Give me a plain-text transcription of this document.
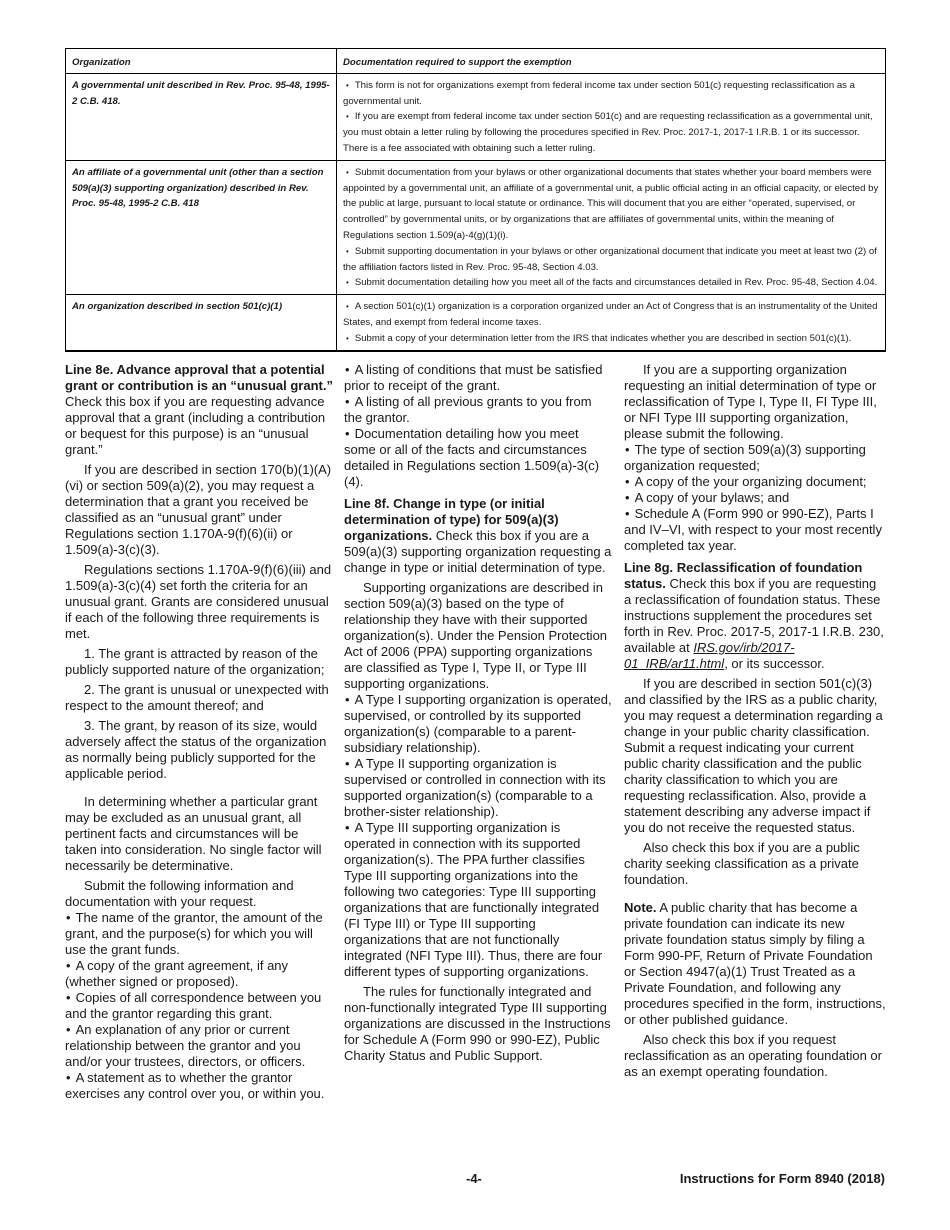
Organization	Documentation required to support the exemption
A governmental unit described in Rev. Proc. 95-48, 1995-2 C.B. 418.	• This form is not for organizations exempt from federal income tax under section 501(c) requesting reclassification as a governmental unit.

• If you are exempt from federal income tax under section 501(c) and are requesting reclassification as a governmental unit, you must obtain a letter ruling by following the procedures specified in Rev. Proc. 2017-1, 2017-1 I.R.B. 1 or its successor. There is a fee associated with obtaining such a letter ruling.

An affiliate of a governmental unit (other than a section 509(a)(3) supporting organization) described in Rev. Proc. 95-48, 1995-2 C.B. 418	• Submit documentation from your bylaws or other organizational documents that states whether your board members were appointed by a governmental unit, an affiliate of a governmental unit, a public official acting in an official capacity, or elected by the public at large, pursuant to local statute or ordinance. This will document that you are either “operated, supervised, or controlled” by governmental units, or by organizations that are affiliates of governmental units, within the meaning of Regulations section 1.509(a)-4(g)(1)(i).

• Submit supporting documentation in your bylaws or other organizational document that indicate you meet at least two (2) of the affiliation factors listed in Rev. Proc. 95-48, Section 4.03.

• Submit documentation detailing how you meet all of the facts and circumstances detailed in Rev. Proc. 95-48, Section 4.04.

An organization described in section 501(c)(1)	• A section 501(c)(1) organization is a corporation organized under an Act of Congress that is an instrumentality of the United States, and exempt from federal income taxes.

• Submit a copy of your determination letter from the IRS that indicates whether you are described in section 501(c)(1).

Line 8e. Advance approval that a potential grant or contribution is an “unusual grant.” Check this box if you are requesting advance approval that a grant (including a contribution or bequest for this purpose) is an “unusual grant.”

If you are described in section 170(b)(1)(A)(vi) or section 509(a)(2), you may request a determination that a grant you received be classified as an “unusual grant” under Regulations section 1.170A-9(f)(6)(ii) or 1.509(a)-3(c)(3).

Regulations sections 1.170A-9(f)(6)(iii) and 1.509(a)-3(c)(4) set forth the criteria for an unusual grant. Grants are considered unusual if each of the following three requirements is met.

1. The grant is attracted by reason of the publicly supported nature of the organization;

2. The grant is unusual or unexpected with respect to the amount thereof; and

3. The grant, by reason of its size, would adversely affect the status of the organization as normally being publicly supported for the applicable period.

In determining whether a particular grant may be excluded as an unusual grant, all pertinent facts and circumstances will be taken into consideration. No single factor will necessarily be determinative.

Submit the following information and documentation with your request.

• The name of the grantor, the amount of the grant, and the purpose(s) for which you will use the grant funds.

• A copy of the grant agreement, if any (whether signed or proposed).

• Copies of all correspondence between you and the grantor regarding this grant.

• An explanation of any prior or current relationship between the grantor and you and/or your trustees, directors, or officers.

• A statement as to whether the grantor exercises any control over you, or within you.

• A listing of conditions that must be satisfied prior to receipt of the grant.

• A listing of all previous grants to you from the grantor.

• Documentation detailing how you meet some or all of the facts and circumstances detailed in Regulations section 1.509(a)-3(c)(4).

Line 8f. Change in type (or initial determination of type) for 509(a)(3) organizations. Check this box if you are a 509(a)(3) supporting organization requesting a change in type or initial determination of type.

Supporting organizations are described in section 509(a)(3) based on the type of relationship they have with their supported organization(s). Under the Pension Protection Act of 2006 (PPA) supporting organizations are classified as Type I, Type II, or Type III supporting organizations.

• A Type I supporting organization is operated, supervised, or controlled by its supported organization(s) (comparable to a parent-subsidiary relationship).

• A Type II supporting organization is supervised or controlled in connection with its supported organization(s) (comparable to a brother-sister relationship).

• A Type III supporting organization is operated in connection with its supported organization(s). The PPA further classifies Type III supporting organizations into the following two categories: Type III supporting organizations that are functionally integrated (FI Type III) or Type III supporting organizations that are not functionally integrated (NFI Type III). Thus, there are four different types of supporting organizations.

The rules for functionally integrated and non-functionally integrated Type III supporting organizations are discussed in the Instructions for Schedule A (Form 990 or 990-EZ), Public Charity Status and Public Support.

If you are a supporting organization requesting an initial determination of type or reclassification of Type I, Type II, FI Type III, or NFI Type III supporting organization, please submit the following.

• The type of section 509(a)(3) supporting organization requested;

• A copy of the your organizing document;

• A copy of your bylaws; and

• Schedule A (Form 990 or 990-EZ), Parts I and IV–VI, with respect to your most recently completed tax year.

Line 8g. Reclassification of foundation status. Check this box if you are requesting a reclassification of foundation status. These instructions supplement the procedures set forth in Rev. Proc. 2017-5, 2017-1 I.R.B. 230, available at IRS.gov/irb/2017-01_IRB/ar11.html, or its successor.

If you are described in section 501(c)(3) and classified by the IRS as a public charity, you may request a determination regarding a change in your public charity classification. Submit a request indicating your current public charity classification and the public charity classification to which you are requesting reclassification. Also, provide a statement describing any adverse impact if you do not receive the requested status.

Also check this box if you are a public charity seeking classification as a private foundation.

Note. A public charity that has become a private foundation can indicate its new private foundation status simply by filing a Form 990-PF, Return of Private Foundation or Section 4947(a)(1) Trust Treated as a Private Foundation, and following any procedures specified in the form, instructions, or other published guidance.

Also check this box if you request reclassification as an operating foundation or as an exempt operating foundation.

-4-	Instructions for Form 8940 (2018)
